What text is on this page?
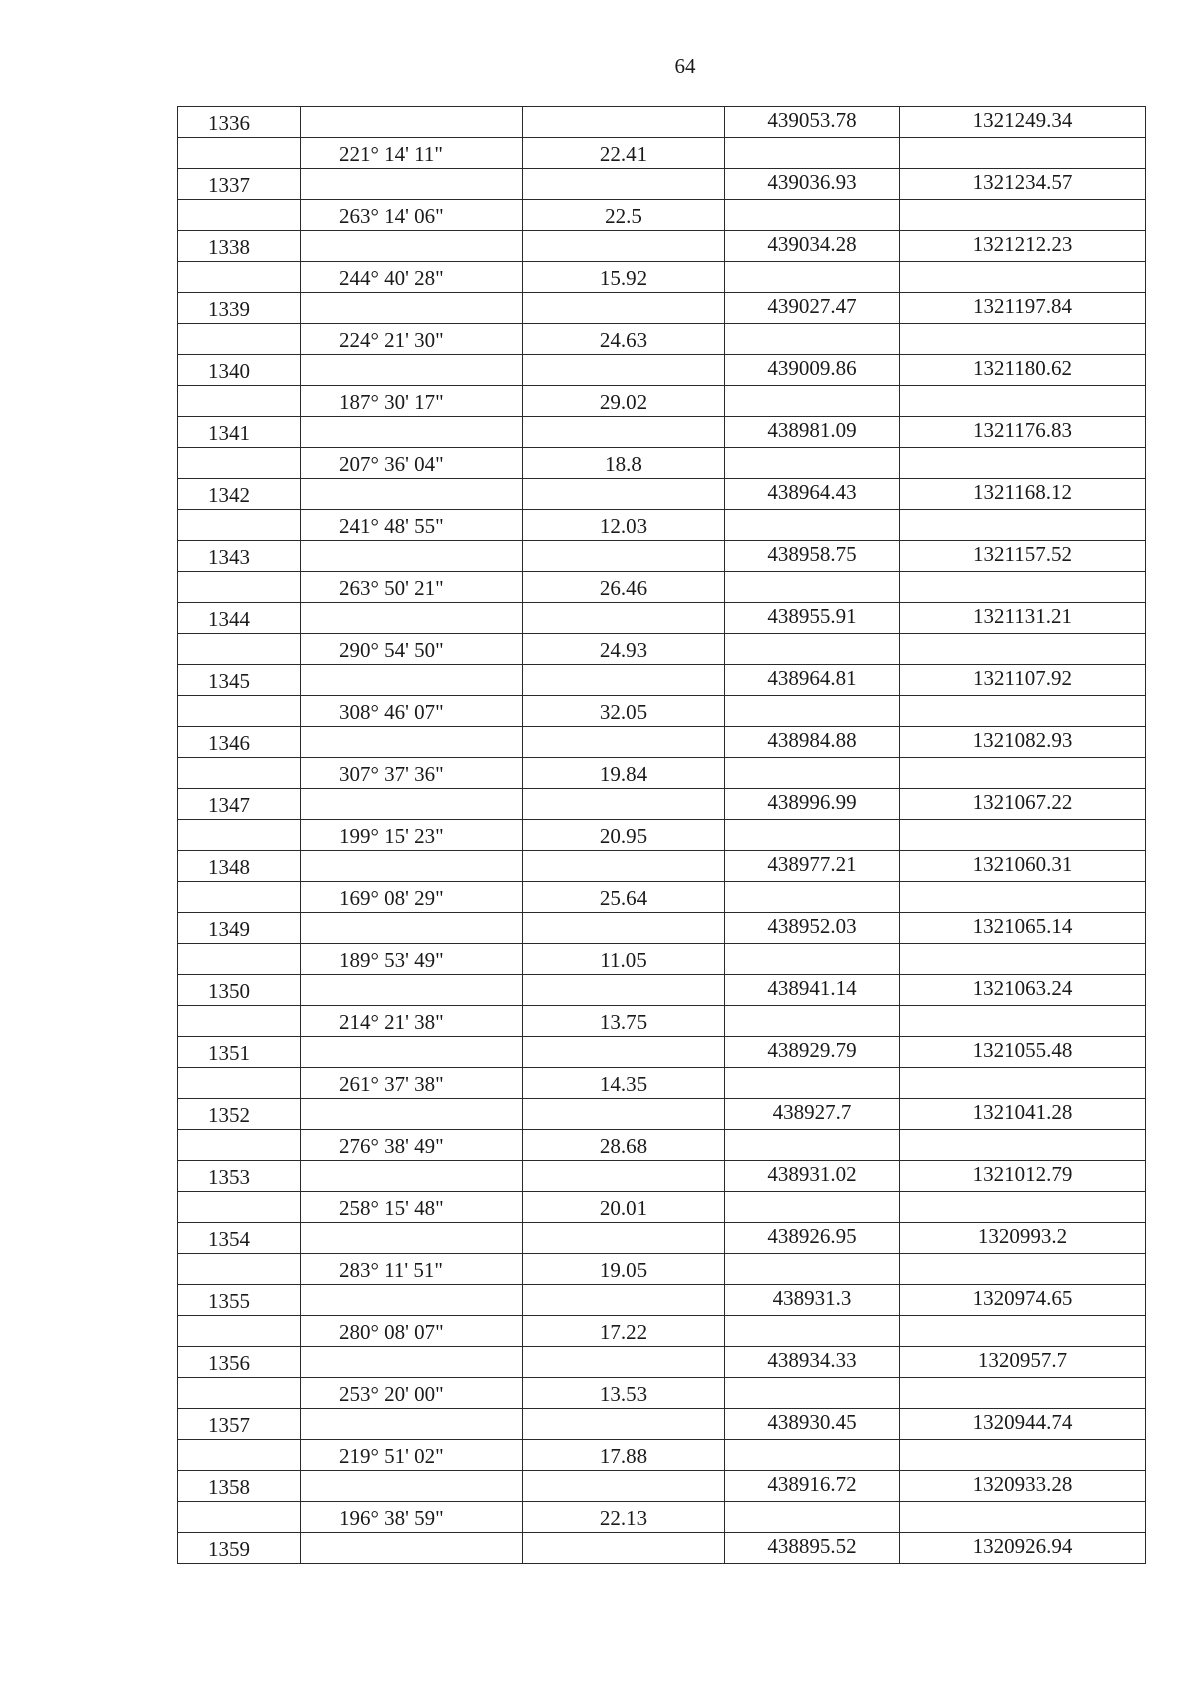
64
1336			439053.78	1321249.34
	221° 14' 11"	22.41		
1337			439036.93	1321234.57
	263° 14' 06"	22.5		
1338			439034.28	1321212.23
	244° 40' 28"	15.92		
1339			439027.47	1321197.84
	224° 21' 30"	24.63		
1340			439009.86	1321180.62
	187° 30' 17"	29.02		
1341			438981.09	1321176.83
	207° 36' 04"	18.8		
1342			438964.43	1321168.12
	241° 48' 55"	12.03		
1343			438958.75	1321157.52
	263° 50' 21"	26.46		
1344			438955.91	1321131.21
	290° 54' 50"	24.93		
1345			438964.81	1321107.92
	308° 46' 07"	32.05		
1346			438984.88	1321082.93
	307° 37' 36"	19.84		
1347			438996.99	1321067.22
	199° 15' 23"	20.95		
1348			438977.21	1321060.31
	169° 08' 29"	25.64		
1349			438952.03	1321065.14
	189° 53' 49"	11.05		
1350			438941.14	1321063.24
	214° 21' 38"	13.75		
1351			438929.79	1321055.48
	261° 37' 38"	14.35		
1352			438927.7	1321041.28
	276° 38' 49"	28.68		
1353			438931.02	1321012.79
	258° 15' 48"	20.01		
1354			438926.95	1320993.2
	283° 11' 51"	19.05		
1355			438931.3	1320974.65
	280° 08' 07"	17.22		
1356			438934.33	1320957.7
	253° 20' 00"	13.53		
1357			438930.45	1320944.74
	219° 51' 02"	17.88		
1358			438916.72	1320933.28
	196° 38' 59"	22.13		
1359			438895.52	1320926.94
